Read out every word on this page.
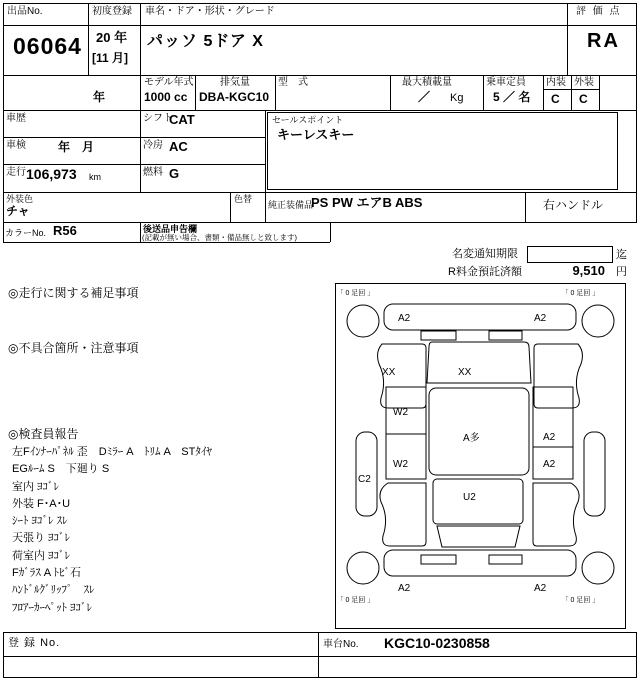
出品No.
06064
初度登録
20 年
[11 月]
車名・ドア・形状・グレード
パッソ 5ドア X
評 価 点
RA
モデル年式
年
排気量
1000 cc
型　式
DBA-KGC10
最大積載量
／ Kg
乗車定員
5 ／ 名
内装 外装
C C
車歴	シフト
CAT
車検	年　月	冷房 AC
走行 106,973 km	燃料 G
セールスポイント
キーレスキー
外装色
チャ
色替
純正装備品
PS PW エアB ABS	右ハンドル
カラーNo. R56	後送品申告欄
(記載が無い場合、書類・備品無しと致します)
名変通知期限	迄
R料金預託済額	9,510 円
◎走行に関する補足事項
◎不具合箇所・注意事項
◎検査員報告
左Fｲﾝﾅｰﾊﾟﾈﾙ 歪　Dﾐﾗｰ A　ﾄﾘﾑ A　STﾀｲﾔ
EGﾙｰﾑ S　下廻り S
室内 ﾖｺﾞﾚ
外装 F･A･U
ｼｰﾄ ﾖｺﾞﾚ ｽﾚ
天張り ﾖｺﾞﾚ
荷室内 ﾖｺﾞﾚ
Fｶﾞﾗｽ A ﾄﾋﾞ石
ﾊﾝﾄﾞﾙｸﾞﾘｯﾌﾟ　ｽﾚ
ﾌﾛｱｰｶｰﾍﾟｯﾄ ﾖｺﾞﾚ
A2	A2
XX	XX
W2
W2
A多
C2
A2
A2
U2
A2	A2
｢ 0 足回 ｣	｢ 0 足回 ｣
｢ 0 足回 ｣	｢ 0 足回 ｣
登 録 No.	車台No. KGC10-0230858
